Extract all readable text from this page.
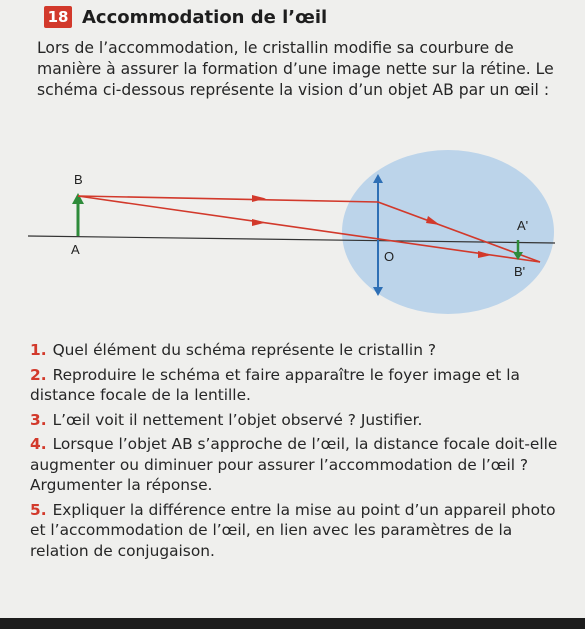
18 Accommodation de l’œil
Lors de l’accommodation, le cristallin modifie sa courbure de manière à assurer la formation d’une image nette sur la rétine. Le schéma ci-dessous représente la vision d’un objet AB par un œil :
B
A	O
A'
B'
1. Quel élément du schéma représente le cristallin ?
2. Reproduire le schéma et faire apparaître le foyer image et la distance focale de la lentille.
3. L’œil voit il nettement l’objet observé ? Justifier.
4. Lorsque l’objet AB s’approche de l’œil, la distance focale doit-elle augmenter ou diminuer pour assurer l’accommodation de l’œil ? Argumenter la réponse.
5. Expliquer la différence entre la mise au point d’un appareil photo et l’accommodation de l’œil, en lien avec les paramètres de la relation de conjugaison.
